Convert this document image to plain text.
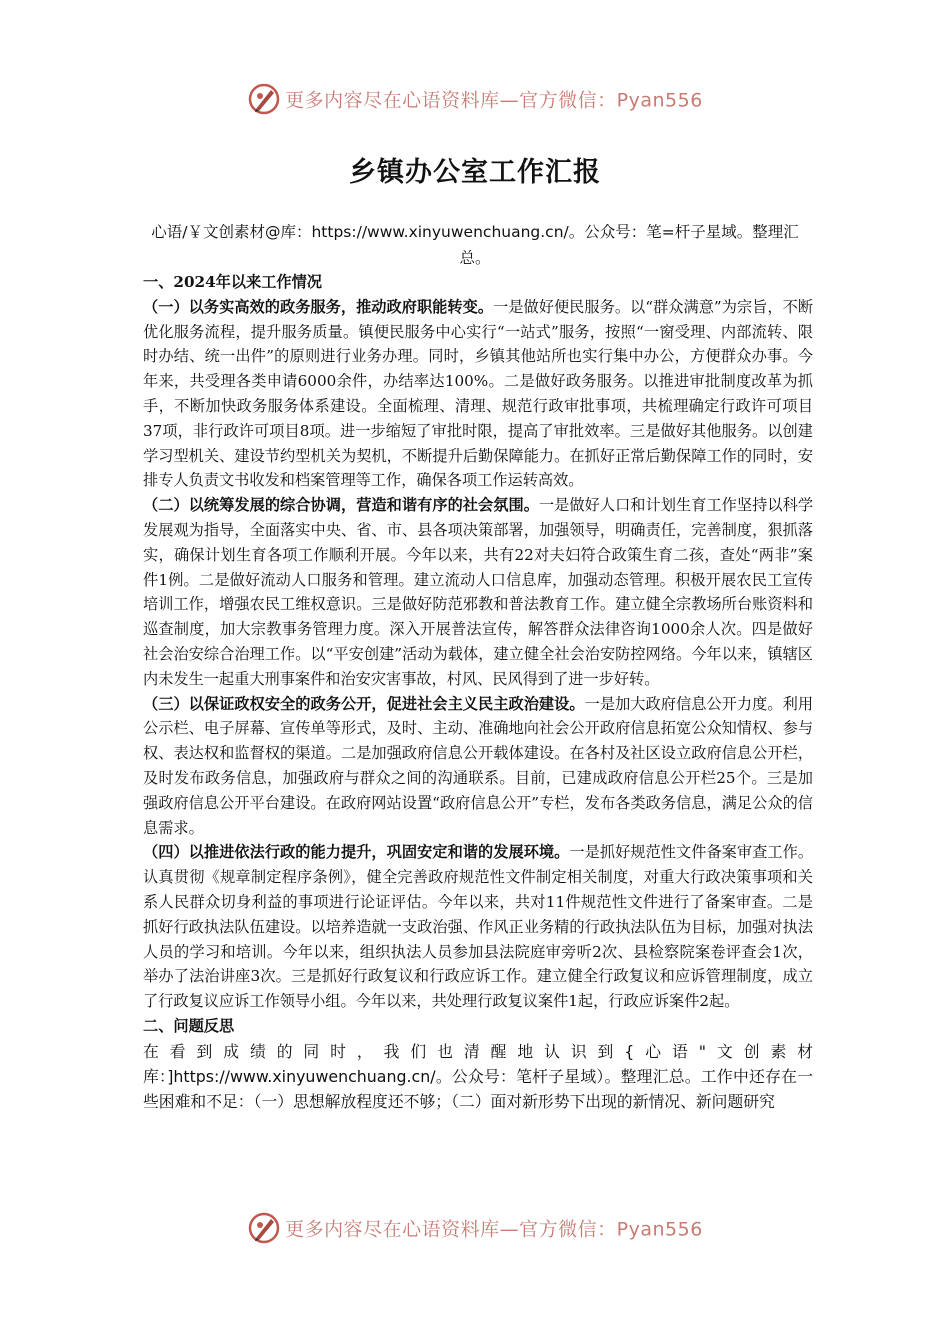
更多内容尽在心语资料库—官方微信：Pyan556
乡镇办公室工作汇报
心语/￥文创素材@库：https://www.xinyuwenchuang.cn/。公众号：笔=杆子星域。整理汇总。

一、2024年以来工作情况

（一）以务实高效的政务服务，推动政府职能转变。一是做好便民服务。以“群众满意”为宗旨，不断优化服务流程，提升服务质量。镇便民服务中心实行“一站式”服务，按照“一窗受理、内部流转、限时办结、统一出件”的原则进行业务办理。同时，乡镇其他站所也实行集中办公，方便群众办事。今年来，共受理各类申请6000余件，办结率达100%。二是做好政务服务。以推进审批制度改革为抓手，不断加快政务服务体系建设。全面梳理、清理、规范行政审批事项，共梳理确定行政许可项目37项，非行政许可项目8项。进一步缩短了审批时限，提高了审批效率。三是做好其他服务。以创建学习型机关、建设节约型机关为契机，不断提升后勤保障能力。在抓好正常后勤保障工作的同时，安排专人负责文书收发和档案管理等工作，确保各项工作运转高效。

（二）以统筹发展的综合协调，营造和谐有序的社会氛围。一是做好人口和计划生育工作坚持以科学发展观为指导，全面落实中央、省、市、县各项决策部署，加强领导，明确责任，完善制度，狠抓落实，确保计划生育各项工作顺利开展。今年以来，共有22对夫妇符合政策生育二孩，查处“两非”案件1例。二是做好流动人口服务和管理。建立流动人口信息库，加强动态管理。积极开展农民工宣传培训工作，增强农民工维权意识。三是做好防范邪教和普法教育工作。建立健全宗教场所台账资料和巡查制度，加大宗教事务管理力度。深入开展普法宣传，解答群众法律咨询1000余人次。四是做好社会治安综合治理工作。以“平安创建”活动为载体，建立健全社会治安防控网络。今年以来，镇辖区内未发生一起重大刑事案件和治安灾害事故，村风、民风得到了进一步好转。

（三）以保证政权安全的政务公开，促进社会主义民主政治建设。一是加大政府信息公开力度。利用公示栏、电子屏幕、宣传单等形式，及时、主动、准确地向社会公开政府信息拓宽公众知情权、参与权、表达权和监督权的渠道。二是加强政府信息公开载体建设。在各村及社区设立政府信息公开栏，及时发布政务信息，加强政府与群众之间的沟通联系。目前，已建成政府信息公开栏25个。三是加强政府信息公开平台建设。在政府网站设置“政府信息公开”专栏，发布各类政务信息，满足公众的信息需求。

（四）以推进依法行政的能力提升，巩固安定和谐的发展环境。一是抓好规范性文件备案审查工作。认真贯彻《规章制定程序条例》，健全完善政府规范性文件制定相关制度，对重大行政决策事项和关系人民群众切身利益的事项进行论证评估。今年以来，共对11件规范性文件进行了备案审查。二是抓好行政执法队伍建设。以培养造就一支政治强、作风正业务精的行政执法队伍为目标，加强对执法人员的学习和培训。今年以来，组织执法人员参加县法院庭审旁听2次、县检察院案卷评查会1次，举办了法治讲座3次。三是抓好行政复议和行政应诉工作。建立健全行政复议和应诉管理制度，成立了行政复议应诉工作领导小组。今年以来，共处理行政复议案件1起，行政应诉案件2起。

二、问题反思

在看到成绩的同时，我们也清醒地认识到{心语"文创素材库：]https://www.xinyuwenchuang.cn/。公众号：笔杆子星域）。整理汇总。工作中还存在一些困难和不足：（一）思想解放程度还不够；（二）面对新形势下出现的新情况、新问题研究

更多内容尽在心语资料库—官方微信：Pyan556
